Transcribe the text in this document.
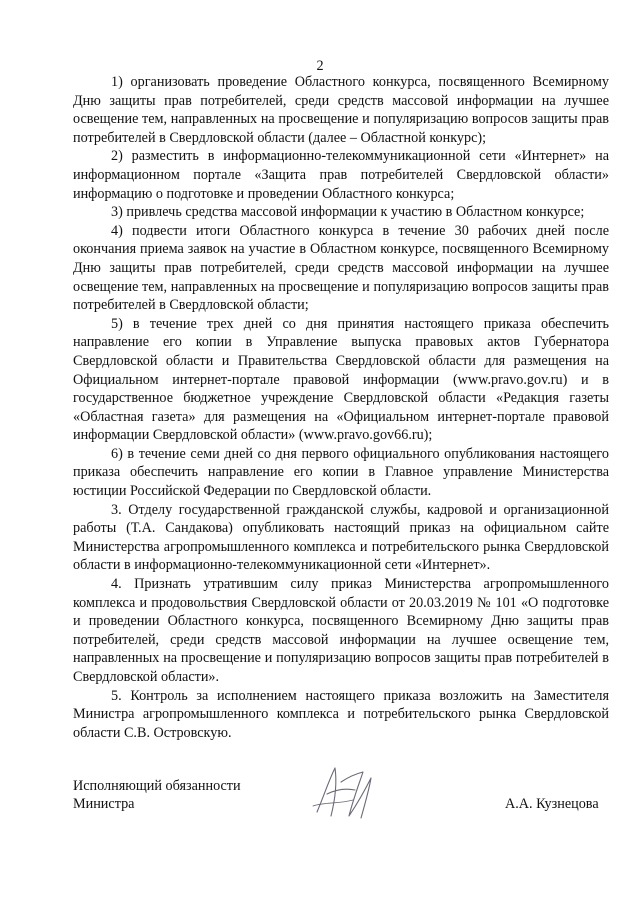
2

1) организовать проведение Областного конкурса, посвященного Всемирному Дню защиты прав потребителей, среди средств массовой информации на лучшее освещение тем, направленных на просвещение и популяризацию вопросов защиты прав потребителей в Свердловской области (далее – Областной конкурс);

2) разместить в информационно-телекоммуникационной сети «Интернет» на информационном портале «Защита прав потребителей Свердловской области» информацию о подготовке и проведении Областного конкурса;

3) привлечь средства массовой информации к участию в Областном конкурсе;

4) подвести итоги Областного конкурса в течение 30 рабочих дней после окончания приема заявок на участие в Областном конкурсе, посвященного Всемирному Дню защиты прав потребителей, среди средств массовой информации на лучшее освещение тем, направленных на просвещение и популяризацию вопросов защиты прав потребителей в Свердловской области;

5) в течение трех дней со дня принятия настоящего приказа обеспечить направление его копии в Управление выпуска правовых актов Губернатора Свердловской области и Правительства Свердловской области для размещения на Официальном интернет-портале правовой информации (www.pravo.gov.ru) и в государственное бюджетное учреждение Свердловской области «Редакция газеты «Областная газета» для размещения на «Официальном интернет-портале правовой информации Свердловской области» (www.pravo.gov66.ru);

6) в течение семи дней со дня первого официального опубликования настоящего приказа обеспечить направление его копии в Главное управление Министерства юстиции Российской Федерации по Свердловской области.

3. Отделу государственной гражданской службы, кадровой и организационной работы (Т.А. Сандакова) опубликовать настоящий приказ на официальном сайте Министерства агропромышленного комплекса и потребительского рынка Свердловской области в информационно-телекоммуникационной сети «Интернет».

4. Признать утратившим силу приказ Министерства агропромышленного комплекса и продовольствия Свердловской области от 20.03.2019 № 101 «О подготовке и проведении Областного конкурса, посвященного Всемирному Дню защиты прав потребителей, среди средств массовой информации на лучшее освещение тем, направленных на просвещение и популяризацию вопросов защиты прав потребителей в Свердловской области».

5. Контроль за исполнением настоящего приказа возложить на Заместителя Министра агропромышленного комплекса и потребительского рынка Свердловской области С.В. Островскую.

Исполняющий обязанности
Министра	А.А. Кузнецова
